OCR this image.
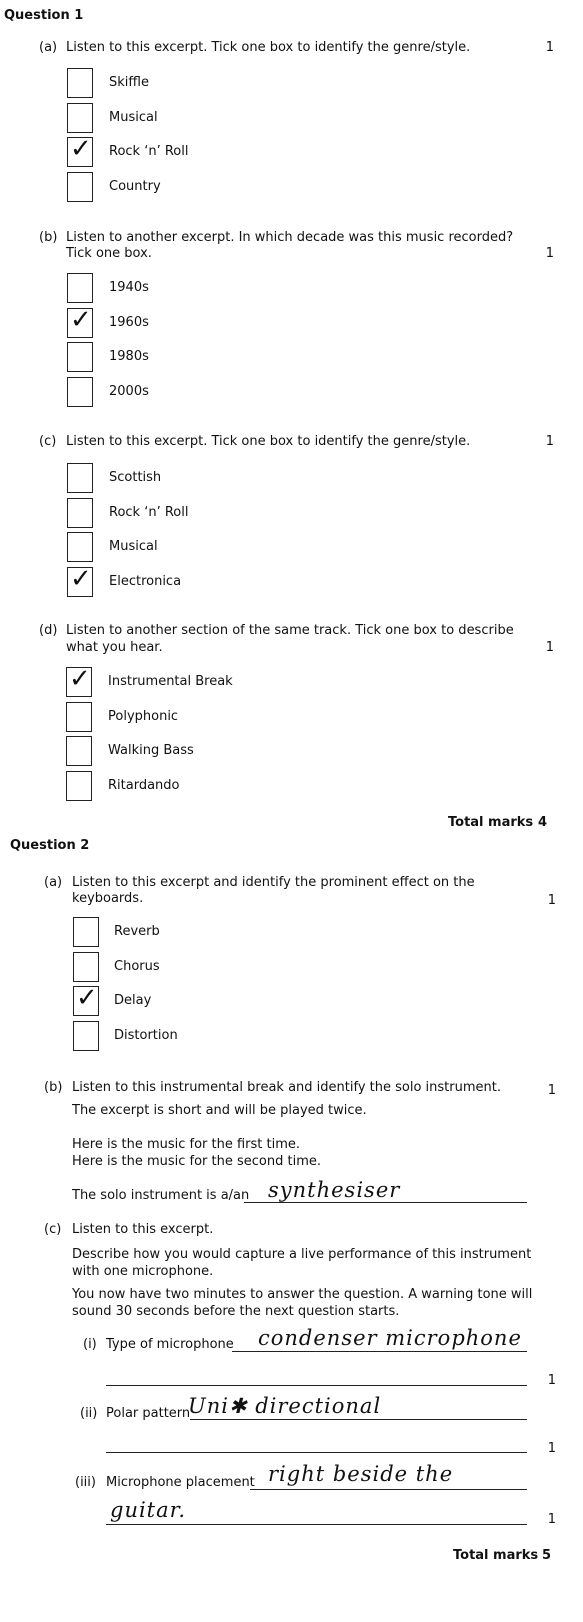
Question 1
(a) Listen to this excerpt. Tick one box to identify the genre/style.	1
(b) Listen to another excerpt. In which decade was this music recorded?
Tick one box.	1
(c) Listen to this excerpt. Tick one box to identify the genre/style.	1
(d) Listen to another section of the same track. Tick one box to describe
what you hear.	1
Total marks 4
Question 2
(a) Listen to this excerpt and identify the prominent effect on the
keyboards.	1
(b) Listen to this instrumental break and identify the solo instrument.	1
The excerpt is short and will be played twice.
Here is the music for the first time.
Here is the music for the second time.
The solo instrument is a/an synthesiser
(c) Listen to this excerpt.
Describe how you would capture a live performance of this instrument
with one microphone.
You now have two minutes to answer the question. A warning tone will
sound 30 seconds before the next question starts.
(i) Type of microphone condenser microphone
1
(ii) Polar pattern
Uni✱ directional
1
(iii) Microphone placement right beside the
guitar.	1
Total marks 5
Skiffle
Musical
✓ Rock ‘n’ Roll
Country
1940s
✓ 1960s
1980s
2000s
Scottish
Rock ‘n’ Roll
Musical
✓ Electronica
✓ Instrumental Break
Polyphonic
Walking Bass
Ritardando
Reverb
Chorus
✓ Delay
Distortion
